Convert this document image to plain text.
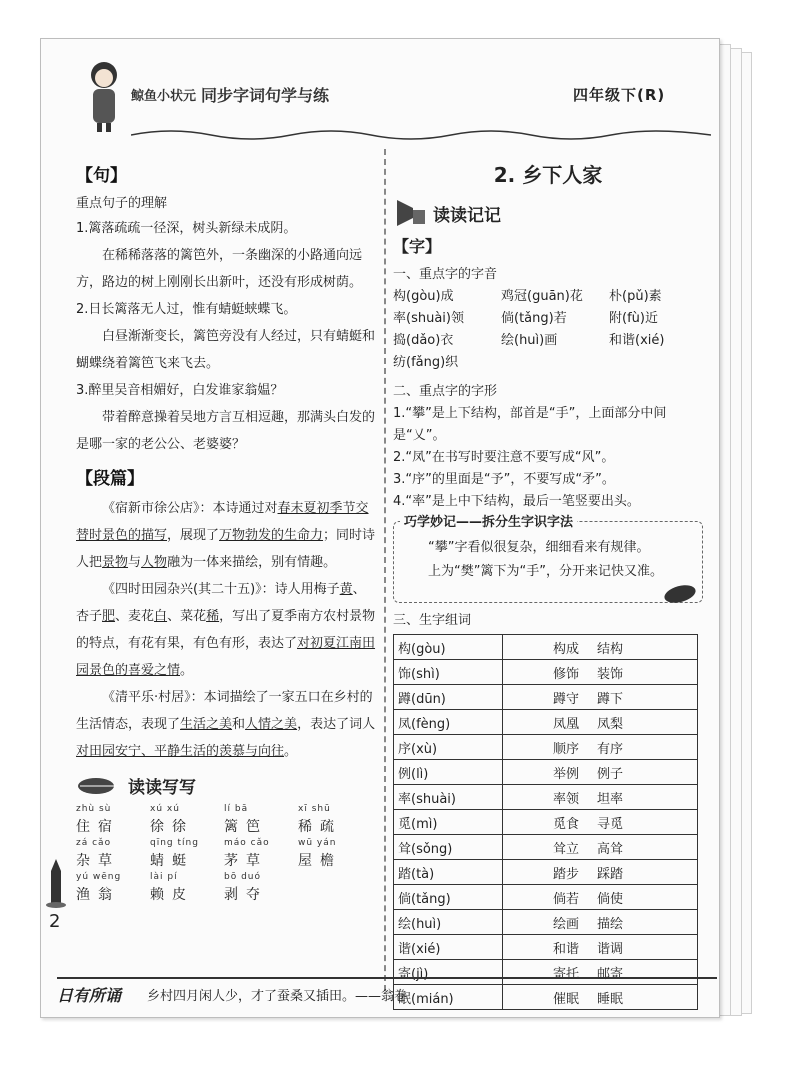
鲸鱼小状元 同步字词句学与练	四年级下(R)
【句】
重点句子的理解

1.篱落疏疏一径深，树头新绿未成阴。

在稀稀落落的篱笆外，一条幽深的小路通向远方，路边的树上刚刚长出新叶，还没有形成树荫。

2.日长篱落无人过，惟有蜻蜓蛱蝶飞。

白昼渐渐变长，篱笆旁没有人经过，只有蜻蜓和蝴蝶绕着篱笆飞来飞去。

3.醉里吴音相媚好，白发谁家翁媪？

带着醉意操着吴地方言互相逗趣，那满头白发的是哪一家的老公公、老婆婆？

【段篇】

《宿新市徐公店》：本诗通过对春末夏初季节交替时景色的描写，展现了万物勃发的生命力；同时诗人把景物与人物融为一体来描绘，别有情趣。

《四时田园杂兴(其二十五)》：诗人用梅子黄、杏子肥、麦花白、菜花稀，写出了夏季南方农村景物的特点，有花有果，有色有形，表达了对初夏江南田园景色的喜爱之情。

《清平乐·村居》：本词描绘了一家五口在乡村的生活情态，表现了生活之美和人情之美，表达了词人对田园安宁、平静生活的羡慕与向往。

读读写写
zhù sù
住宿
xú xú
徐徐
lí bā
篱笆
xī shū
稀疏
zá cǎo
杂草
qīng tíng
蜻蜓
máo cǎo
茅草
wū yán
屋檐
yú wēng
渔翁
lài pí
赖皮
bō duó
剥夺
2. 乡下人家
读读记记
【字】
一、重点字的字音
构(gòu)成	鸡冠(guān)花	朴(pǔ)素
率(shuài)领	倘(tǎng)若	附(fù)近
捣(dǎo)衣	绘(huì)画	和谐(xié)
纺(fǎng)织
二、重点字的字形

1.“攀”是上下结构，部首是“手”，上面部分中间是“乂”。

2.“凤”在书写时要注意不要写成“风”。

3.“序”的里面是“予”，不要写成“矛”。

4.“率”是上中下结构，最后一笔竖要出头。

巧学妙记——拆分生字识字法
“攀”字看似很复杂，细细看来有规律。
上为“樊”篱下为“手”，分开来记快又准。
三、生字组词
构(gòu)	构成 结构
饰(shì)	修饰 装饰
蹲(dūn)	蹲守 蹲下
凤(fèng)	凤凰 凤梨
序(xù)	顺序 有序
例(lì)	举例 例子
率(shuài)	率领 坦率
觅(mì)	觅食 寻觅
耸(sǒng)	耸立 高耸
踏(tà)	踏步 踩踏
倘(tǎng)	倘若 倘使
绘(huì)	绘画 描绘
谐(xié)	和谐 谐调
寄(jì)	寄托 邮寄
眠(mián)	催眠 睡眠
2
日有所诵 乡村四月闲人少，才了蚕桑又插田。——翁卷
